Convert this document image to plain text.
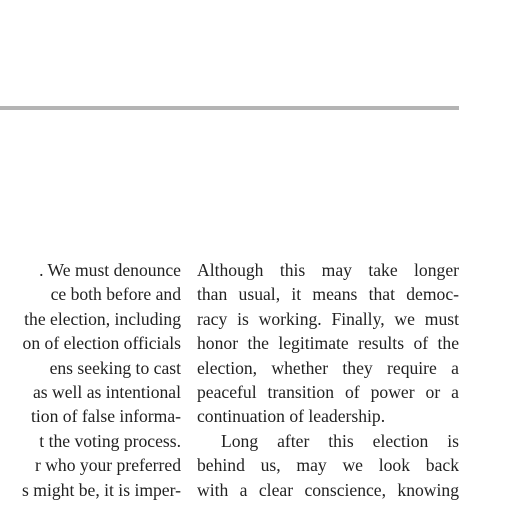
. We must denounce
ce both before and
the election, including
on of election officials
ens seeking to cast
as well as intentional
tion of false informa-
t the voting process.
r who your preferred
s might be, it is imper-
Although this may take longer
than usual, it means that democ-
racy is working. Finally, we must
honor the legitimate results of the
election, whether they require a
peaceful transition of power or a
continuation of leadership.
Long after this election is
behind us, may we look back
with a clear conscience, knowing
